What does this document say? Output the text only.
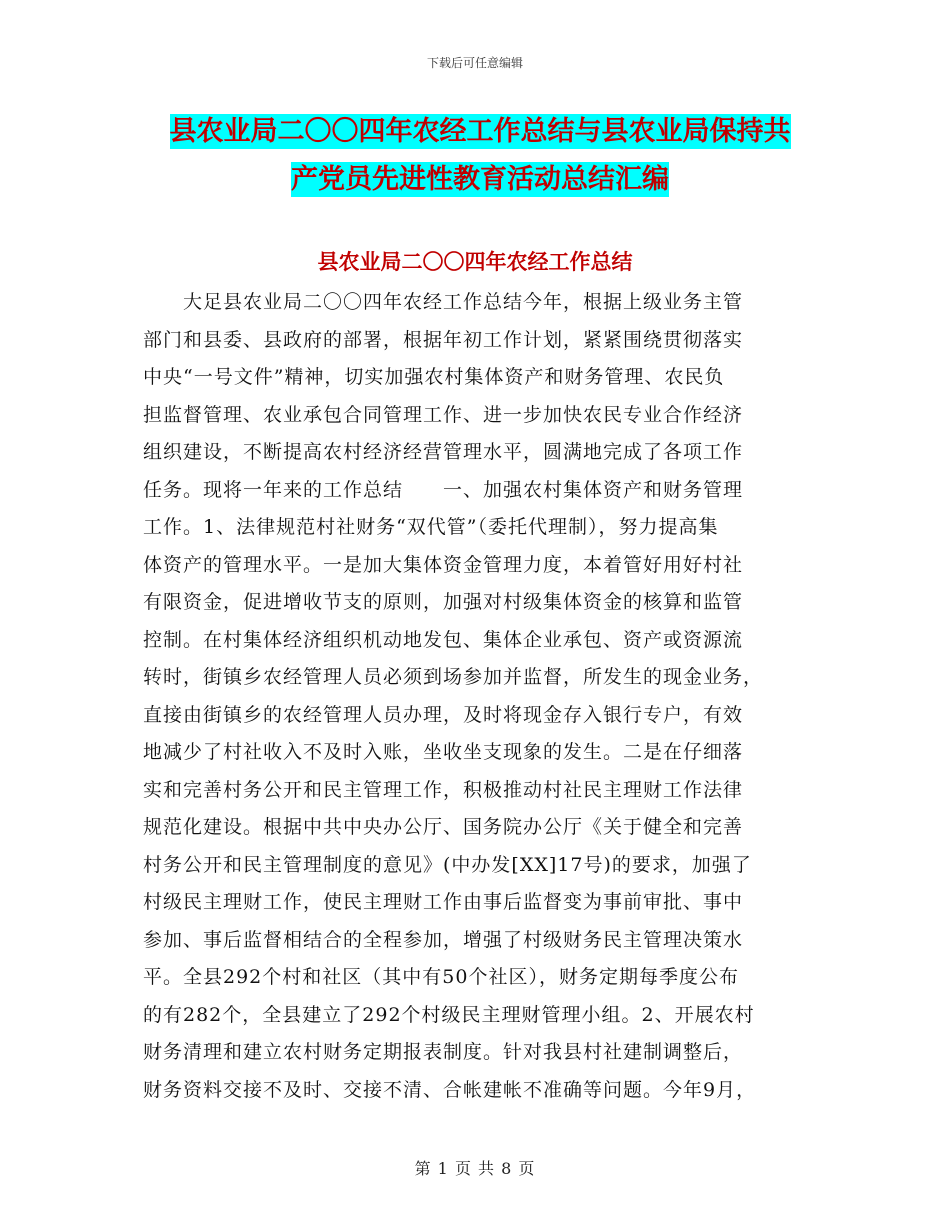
下载后可任意编辑
县农业局二〇〇四年农经工作总结与县农业局保持共
产党员先进性教育活动总结汇编
县农业局二〇〇四年农经工作总结
　　大足县农业局二〇〇四年农经工作总结今年，根据上级业务主管
部门和县委、县政府的部署，根据年初工作计划，紧紧围绕贯彻落实
中央“一号文件”精神，切实加强农村集体资产和财务管理、农民负
担监督管理、农业承包合同管理工作、进一步加快农民专业合作经济
组织建设，不断提高农村经济经营管理水平，圆满地完成了各项工作
任务。现将一年来的工作总结　　一、加强农村集体资产和财务管理
工作。1、法律规范村社财务“双代管”（委托代理制），努力提高集
体资产的管理水平。一是加大集体资金管理力度，本着管好用好村社
有限资金，促进增收节支的原则，加强对村级集体资金的核算和监管
控制。在村集体经济组织机动地发包、集体企业承包、资产或资源流
转时，街镇乡农经管理人员必须到场参加并监督，所发生的现金业务，
直接由街镇乡的农经管理人员办理，及时将现金存入银行专户，有效
地减少了村社收入不及时入账，坐收坐支现象的发生。二是在仔细落
实和完善村务公开和民主管理工作，积极推动村社民主理财工作法律
规范化建设。根据中共中央办公厅、国务院办公厅《关于健全和完善
村务公开和民主管理制度的意见》(中办发[XX]17号)的要求，加强了
村级民主理财工作，使民主理财工作由事后监督变为事前审批、事中
参加、事后监督相结合的全程参加，增强了村级财务民主管理决策水
平。全县292个村和社区（其中有50个社区），财务定期每季度公布
的有282个，全县建立了292个村级民主理财管理小组。2、开展农村
财务清理和建立农村财务定期报表制度。针对我县村社建制调整后，
财务资料交接不及时、交接不清、合帐建帐不准确等问题。今年9月，
第 1 页 共 8 页
